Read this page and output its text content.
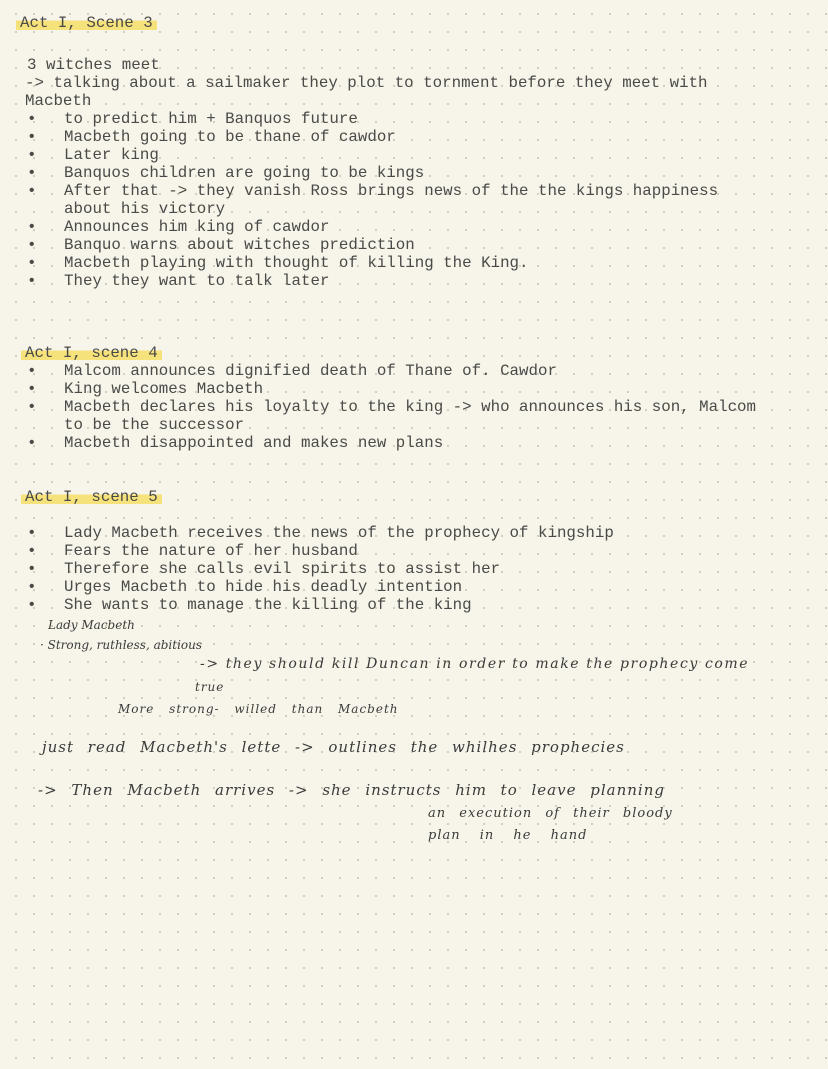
Act I, Scene 3
3 witches meet
-> talking about a sailmaker they plot to tornment before they meet with
Macbeth
Act I, scene 4
Act I, scene 5
to predict him + Banquos future
Macbeth going to be thane of cawdor
Later king
Banquos children are going to be kings
After that -> they vanish Ross brings news of the the kings happiness
about his victory
Announces him king of cawdor
Banquo warns about witches prediction
Macbeth playing with thought of killing the King.
They they want to talk later
Malcom announces dignified death of Thane of. Cawdor
King welcomes Macbeth
Macbeth declares his loyalty to the king -> who announces his son, Malcom
to be the successor
Macbeth disappointed and makes new plans
Lady Macbeth receives the news of the prophecy of kingship
Fears the nature of her husband
Therefore she calls evil spirits to assist her
Urges Macbeth to hide his deadly intention
She wants to manage the killing of the king
•
•
•
•
•
•
•
•
•
•
•
•
•
•
•
•
•
•
Lady Macbeth
· Strong, ruthless, abitious
-> they should kill Duncan in order to make the prophecy come
true
More strong- willed than Macbeth
just read Macbeth's lette -> outlines the whilhes prophecies
-> Then Macbeth arrives -> she instructs him to leave planning
an execution of their bloody
plan in he hand
